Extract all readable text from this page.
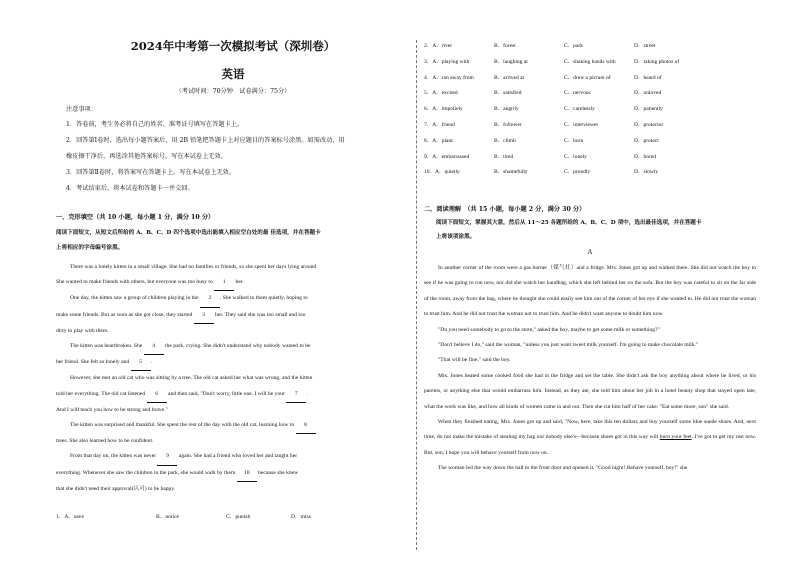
2024年中考第一次模拟考试（深圳卷）
英语
（考试时间：70分钟　试卷满分：75分）
注意事项：
1．答卷前，考生务必将自己的姓名、准考证号填写在答题卡上。
2．回答第Ⅰ卷时，选出每小题答案后，用 2B 铅笔把答题卡上对应题目的答案标号涂黑。如需改动，用
橡皮擦干净后，再选涂其他答案标号。写在本试卷上无效。
3．回答第Ⅱ卷时，将答案写在答题卡上。写在本试卷上无效。
4．考试结束后，将本试卷和答题卡一并交回。
一、完形填空（共 10 小题，每小题 1 分，满分 10 分）
阅读下面短文，从短文后所给的 A、B、C、D 四个选项中选出能填入相应空白处的最 佳选项，并在答题卡
上将相应的字母编号涂黑。
There was a lonely kitten in a small village. She had no families or friends, so she spent her days lying around
She wanted to make friends with others, but everyone was too busy to 1 her.
One day, the kitten saw a group of children playing in the 2 . She walked to them quietly, hoping to
make some friends. But as soon as she got close, they started 3 her. They said she was too small and too
dirty to play with them.
The kitten was heartbroken. She 4 the park, crying. She didn't understand why nobody wanted to be
her friend. She felt so lonely and 5 .
However, she met an old cat who was sitting by a tree. The old cat asked her what was wrong, and the kitten
told her everything. The old cat listened 6 and then said, "Don't worry, little one. I will be your 7 .
And I will teach you how to be strong and brave."
The kitten was surprised and thankful. She spent the rest of the day with the old cat, learning how to 8
trees. She also learned how to be confident.
From that day on, the kitten was never 9 again. She had a friend who loved her and taught her
everything. Whenever she saw the children in the park, she would walk by them 10 because she knew
that she didn't need their approval(认可) to be happy.
1．A．save	B．notice	C．punish	D．miss
2．A．river	B．forest	C．park	D．street
3．A．playing with	B．laughing at	C．shaking hands with	D．taking photos of
4．A．ran away from	B．arrived at	C．drew a picture of	D．heard of
5．A．excited	B．satisfied	C．nervous	D．unloved
6．A．impoliely	B．angrily	C．carelessly	D．patiently
7．A．friend	B．follower	C．interviewer	D．protector
8．A．plant	B．climb	C．burn	D．protect
9．A．embarrassed	B．tired	C．lonely	D．bored
10．A．quietly	B．shamefully	C．proudly	D．slowly
二、阅读理解　（共 15 小题，每小题 2 分，满分 30 分）
阅读下面短文，掌握其大意，然后从 11～25 各题所给的 A、B、C、D 项中，选出最佳选项，并在答题卡
上将该项涂黑。
A
In another corner of the room were a gas burner（煤气灶）and a fridge. Mrs. Jones got up and walked there. She did not watch the boy to see if he was going to run now, nor did she watch her handbag, which she left behind her on the sofa. But the boy was careful to sit on the far side of the room, away from the bag, where he thought she could easily see him out of the corner of her eye if she wanted to. He did not trust the woman to trust him. And he did not trust the woman not to trust him. And he didn't want anyone to doubt him now.
"Do you need somebody to go to the store," asked the boy, maybe to get some milk or something?"
"Don't believe I do," said the woman, "unless you just want sweet milk yourself. I'm going to make chocolate milk."
"That will be fine," said the boy.
Mrs. Jones heated some cooked food she had in the fridge and set the table. She didn't ask the boy anything about where he lived, or his parents, or anything else that would embarrass him. Instead, as they ate, she told him about her job in a hotel beauty shop that stayed open late, what the work was like, and how all kinds of women came in and out. Then she cut him half of her cake. "Eat some more, son" she said.
When they finished eating, Mrs. Jones got up and said, "Now, here, take this ten dollars and buy yourself some blue suede shoes. And, next time, do not make the mistake of stealing my bag nor nobody else's—because shoes got in this way will burn your feet. I've got to get my rest now. But, son, I hope you will behave yourself from now on.
The woman led the way down the hall to the front door and opened it. "Good night! Behave yourself, boy!" she
